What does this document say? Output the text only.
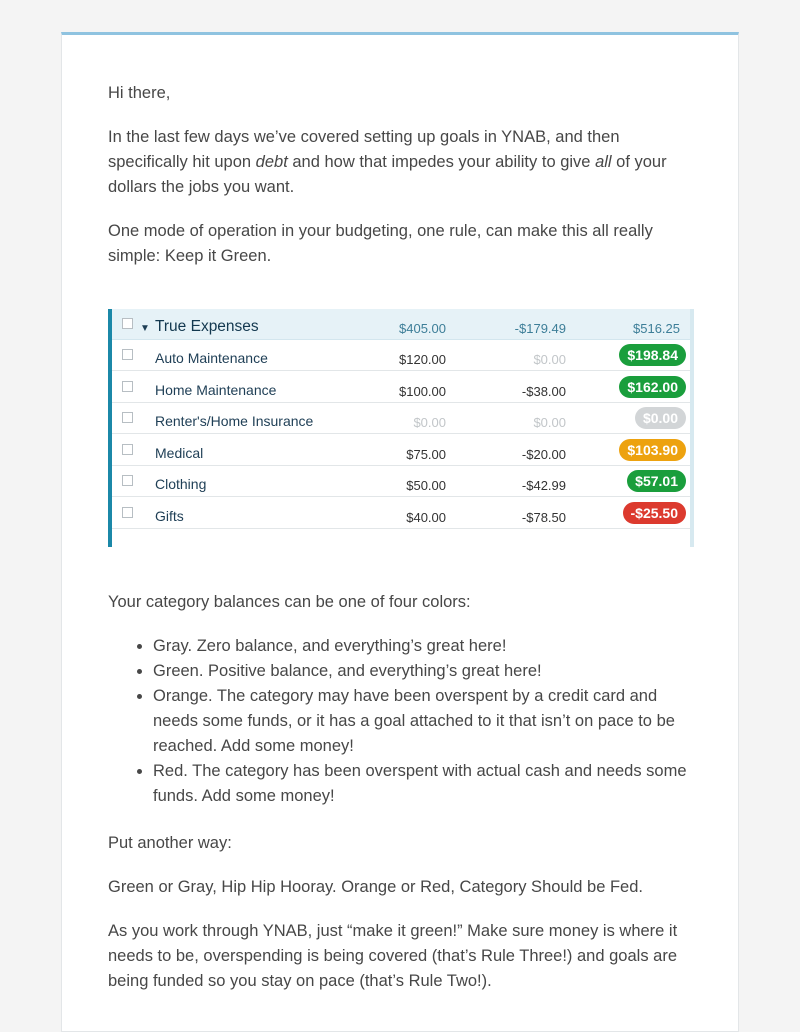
Hi there,

In the last few days we’ve covered setting up goals in YNAB, and then specifically hit upon debt and how that impedes your ability to give all of your dollars the jobs you want.

One mode of operation in your budgeting, one rule, can make this all really simple: Keep it Green.

▼ True Expenses	$405.00	-$179.49	$516.25
Auto Maintenance	$120.00	$0.00	$198.84
Home Maintenance	$100.00	-$38.00	$162.00
Renter's/Home Insurance	$0.00	$0.00	$0.00
Medical	$75.00	-$20.00	$103.90
Clothing	$50.00	-$42.99	$57.01
Gifts	$40.00	-$78.50	-$25.50

Your category balances can be one of four colors:

• Gray. Zero balance, and everything’s great here!
• Green. Positive balance, and everything’s great here!
• Orange. The category may have been overspent by a credit card and needs some funds, or it has a goal attached to it that isn’t on pace to be reached. Add some money!
• Red. The category has been overspent with actual cash and needs some funds. Add some money!

Put another way:

Green or Gray, Hip Hip Hooray. Orange or Red, Category Should be Fed.

As you work through YNAB, just “make it green!” Make sure money is where it needs to be, overspending is being covered (that’s Rule Three!) and goals are being funded so you stay on pace (that’s Rule Two!).
